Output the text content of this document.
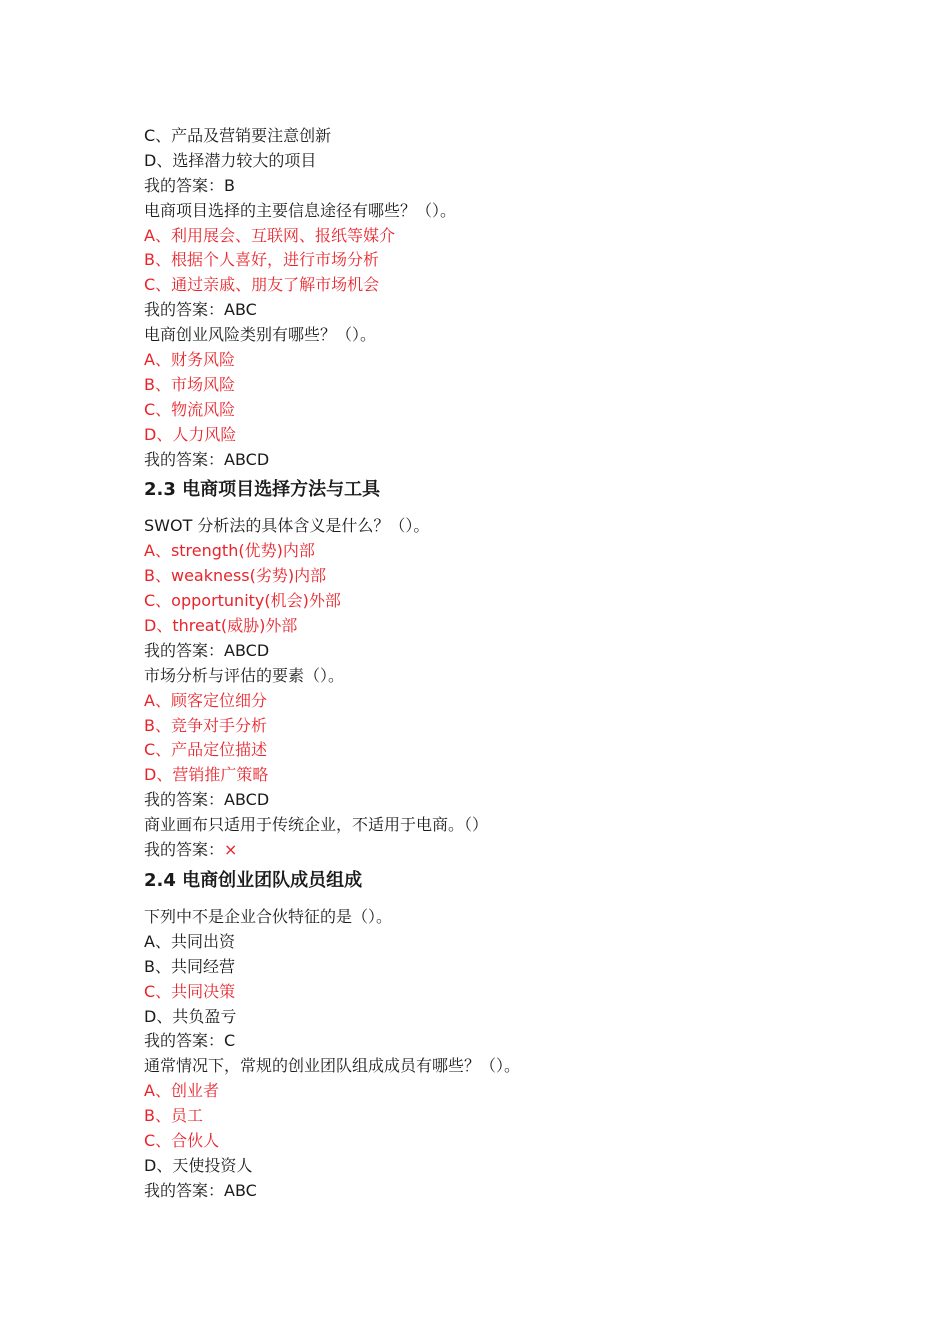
C、产品及营销要注意创新
D、选择潜力较大的项目
我的答案：B
电商项目选择的主要信息途径有哪些？（）。
A、利用展会、互联网、报纸等媒介
B、根据个人喜好，进行市场分析
C、通过亲戚、朋友了解市场机会
我的答案：ABC
电商创业风险类别有哪些？（）。
A、财务风险
B、市场风险
C、物流风险
D、人力风险
我的答案：ABCD
2.3 电商项目选择方法与工具
SWOT 分析法的具体含义是什么？（）。
A、strength(优势)内部
B、weakness(劣势)内部
C、opportunity(机会)外部
D、threat(威胁)外部
我的答案：ABCD
市场分析与评估的要素（）。
A、顾客定位细分
B、竞争对手分析
C、产品定位描述
D、营销推广策略
我的答案：ABCD
商业画布只适用于传统企业，不适用于电商。（）
我的答案：×
2.4 电商创业团队成员组成
下列中不是企业合伙特征的是（）。
A、共同出资
B、共同经营
C、共同决策
D、共负盈亏
我的答案：C
通常情况下，常规的创业团队组成成员有哪些？（）。
A、创业者
B、员工
C、合伙人
D、天使投资人
我的答案：ABC
